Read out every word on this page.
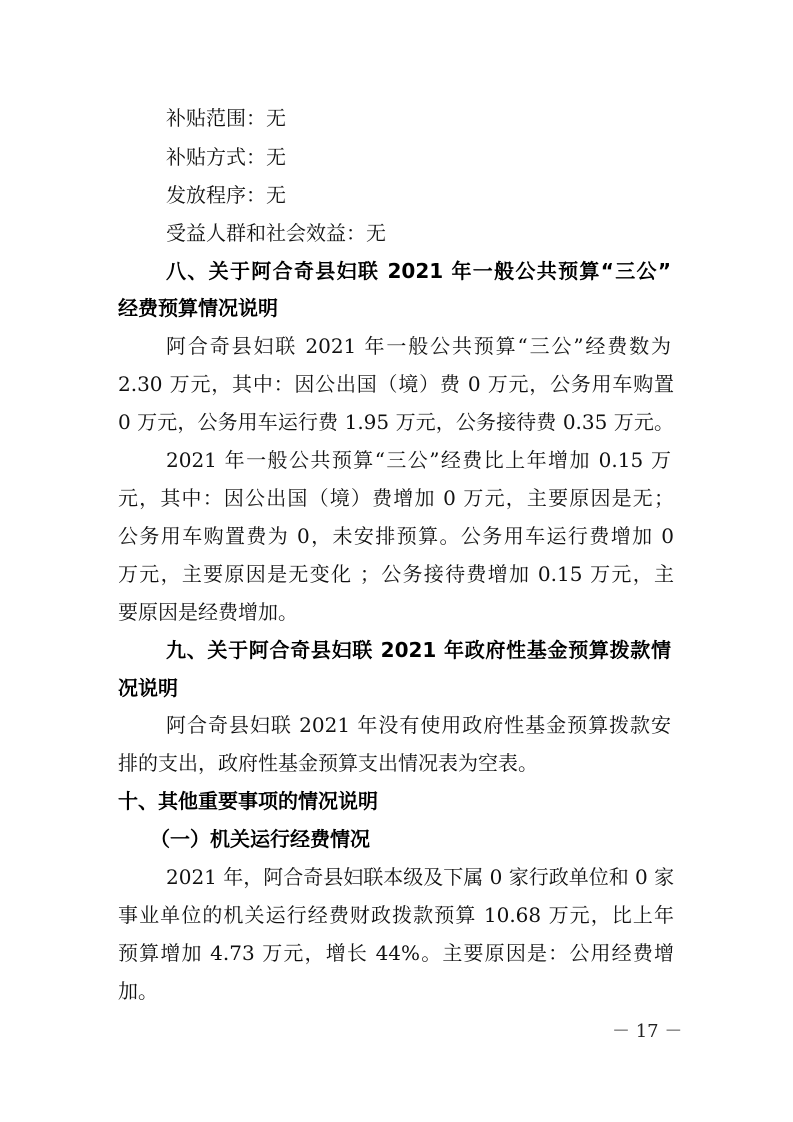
补贴范围：无
补贴方式：无
发放程序：无
受益人群和社会效益：无
八、关于阿合奇县妇联 2021 年一般公共预算“三公”
经费预算情况说明
阿合奇县妇联 2021 年一般公共预算“三公”经费数为
2.30 万元，其中：因公出国（境）费 0 万元，公务用车购置
0 万元，公务用车运行费 1.95 万元，公务接待费 0.35 万元。
2021 年一般公共预算“三公”经费比上年增加 0.15 万
元，其中：因公出国（境）费增加 0 万元，主要原因是无；
公务用车购置费为 0，未安排预算。公务用车运行费增加 0
万元，主要原因是无变化 ；公务接待费增加 0.15 万元，主
要原因是经费增加。
九、关于阿合奇县妇联 2021 年政府性基金预算拨款情
况说明
阿合奇县妇联 2021 年没有使用政府性基金预算拨款安
排的支出，政府性基金预算支出情况表为空表。
十、其他重要事项的情况说明
（一）机关运行经费情况
2021 年，阿合奇县妇联本级及下属 0 家行政单位和 0 家
事业单位的机关运行经费财政拨款预算 10.68 万元，比上年
预算增加 4.73 万元，增长 44%。主要原因是：公用经费增
加。
－ 17 －
